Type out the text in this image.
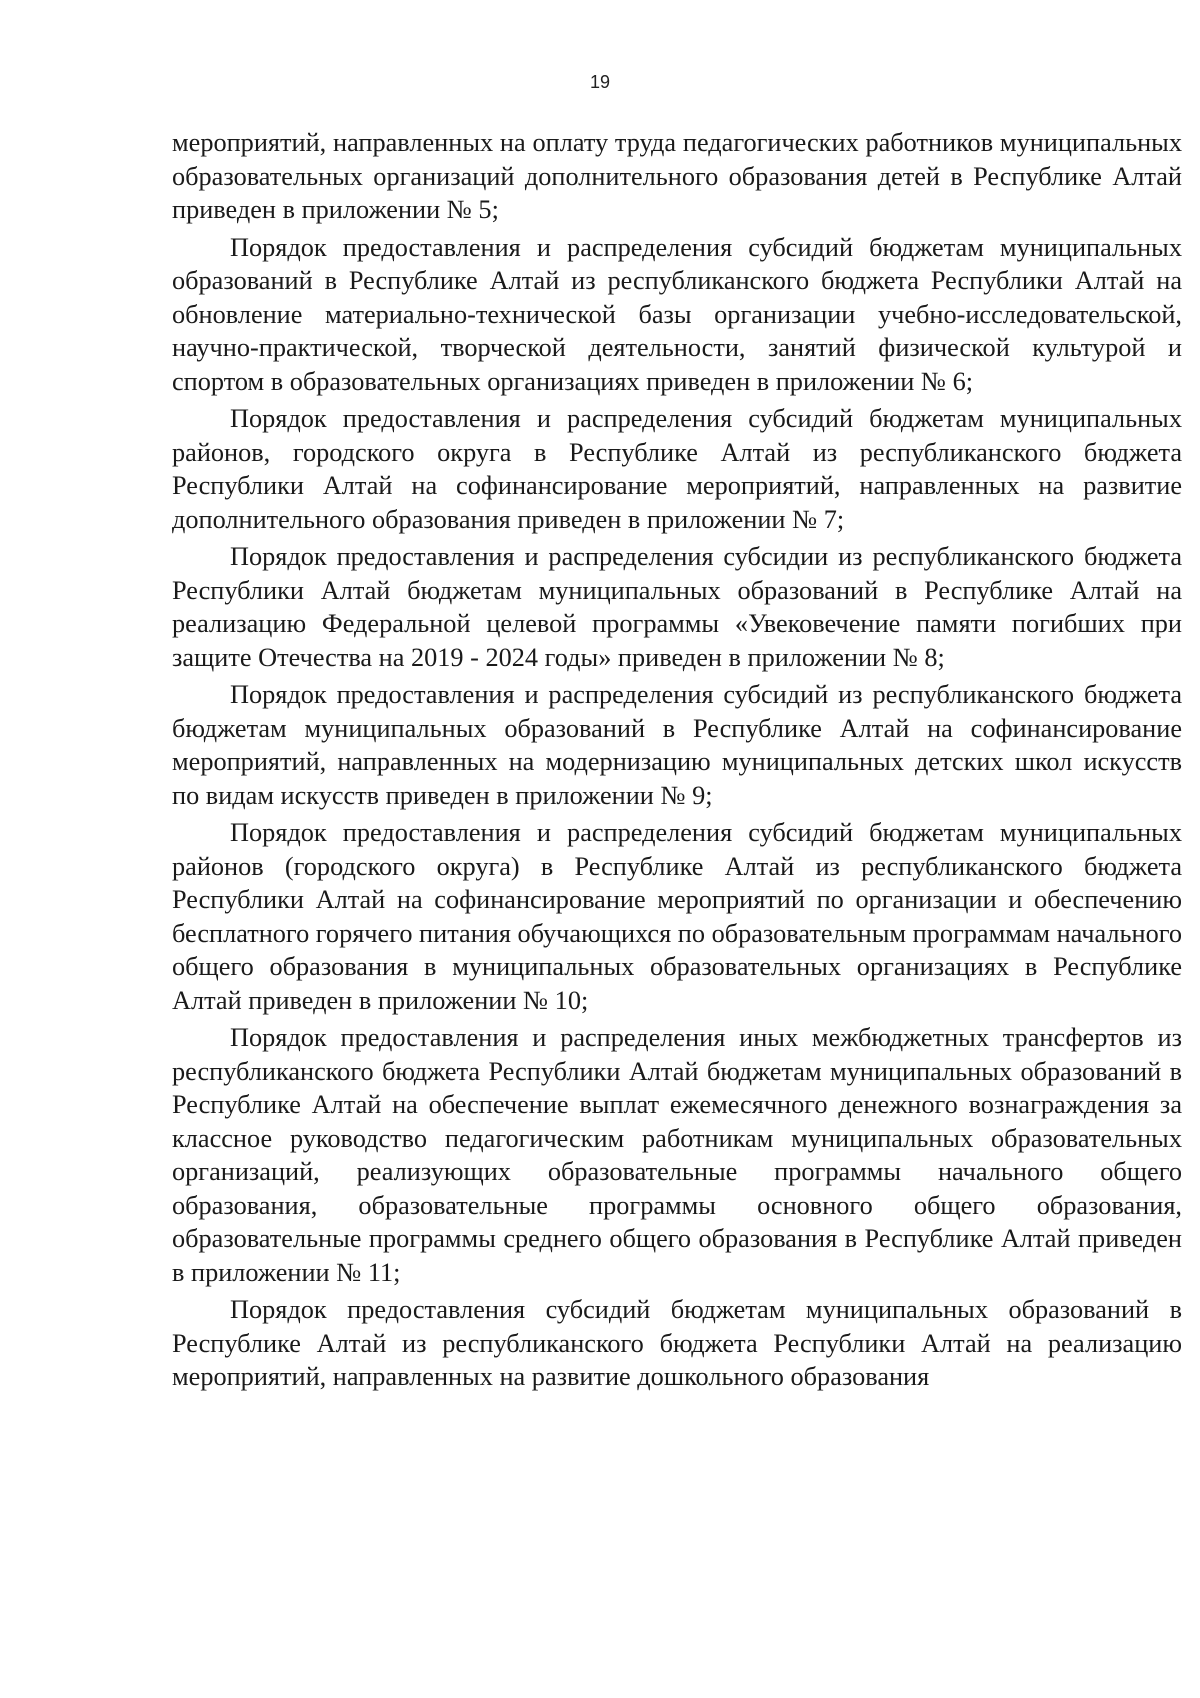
19

мероприятий, направленных на оплату труда педагогических работников муниципальных образовательных организаций дополнительного образования детей в Республике Алтай приведен в приложении № 5;

Порядок предоставления и распределения субсидий бюджетам муниципальных образований в Республике Алтай из республиканского бюджета Республики Алтай на обновление материально-технической базы организации учебно-исследовательской, научно-практической, творческой деятельности, занятий физической культурой и спортом в образовательных организациях приведен в приложении № 6;

Порядок предоставления и распределения субсидий бюджетам муниципальных районов, городского округа в Республике Алтай из республиканского бюджета Республики Алтай на софинансирование мероприятий, направленных на развитие дополнительного образования приведен в приложении № 7;

Порядок предоставления и распределения субсидии из республиканского бюджета Республики Алтай бюджетам муниципальных образований в Республике Алтай на реализацию Федеральной целевой программы «Увековечение памяти погибших при защите Отечества на 2019 - 2024 годы» приведен в приложении № 8;

Порядок предоставления и распределения субсидий из республиканского бюджета бюджетам муниципальных образований в Республике Алтай на софинансирование мероприятий, направленных на модернизацию муниципальных детских школ искусств по видам искусств приведен в приложении № 9;

Порядок предоставления и распределения субсидий бюджетам муниципальных районов (городского округа) в Республике Алтай из республиканского бюджета Республики Алтай на софинансирование мероприятий по организации и обеспечению бесплатного горячего питания обучающихся по образовательным программам начального общего образования в муниципальных образовательных организациях в Республике Алтай приведен в приложении № 10;

Порядок предоставления и распределения иных межбюджетных трансфертов из республиканского бюджета Республики Алтай бюджетам муниципальных образований в Республике Алтай на обеспечение выплат ежемесячного денежного вознаграждения за классное руководство педагогическим работникам муниципальных образовательных организаций, реализующих образовательные программы начального общего образования, образовательные программы основного общего образования, образовательные программы среднего общего образования в Республике Алтай приведен в приложении № 11;

Порядок предоставления субсидий бюджетам муниципальных образований в Республике Алтай из республиканского бюджета Республики Алтай на реализацию мероприятий, направленных на развитие дошкольного образования
